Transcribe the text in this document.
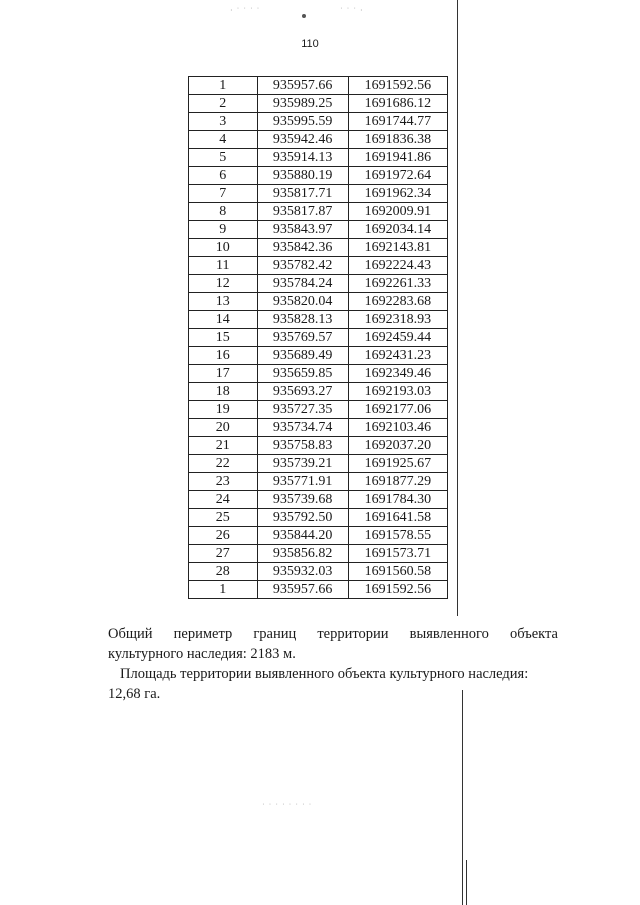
· ˙ ˙ ˙ ˙	˙ ˙ ˙ ·
110
1	935957.66	1691592.56
2	935989.25	1691686.12
3	935995.59	1691744.77
4	935942.46	1691836.38
5	935914.13	1691941.86
6	935880.19	1691972.64
7	935817.71	1691962.34
8	935817.87	1692009.91
9	935843.97	1692034.14
10	935842.36	1692143.81
11	935782.42	1692224.43
12	935784.24	1692261.33
13	935820.04	1692283.68
14	935828.13	1692318.93
15	935769.57	1692459.44
16	935689.49	1692431.23
17	935659.85	1692349.46
18	935693.27	1692193.03
19	935727.35	1692177.06
20	935734.74	1692103.46
21	935758.83	1692037.20
22	935739.21	1691925.67
23	935771.91	1691877.29
24	935739.68	1691784.30
25	935792.50	1691641.58
26	935844.20	1691578.55
27	935856.82	1691573.71
28	935932.03	1691560.58
1	935957.66	1691592.56
Общий периметр границ территории выявленного объекта
культурного наследия: 2183 м.
Площадь территории выявленного объекта культурного наследия:
12,68 га.
˙ ˙ ˙ ˙ ˙ ˙ ˙ ˙
